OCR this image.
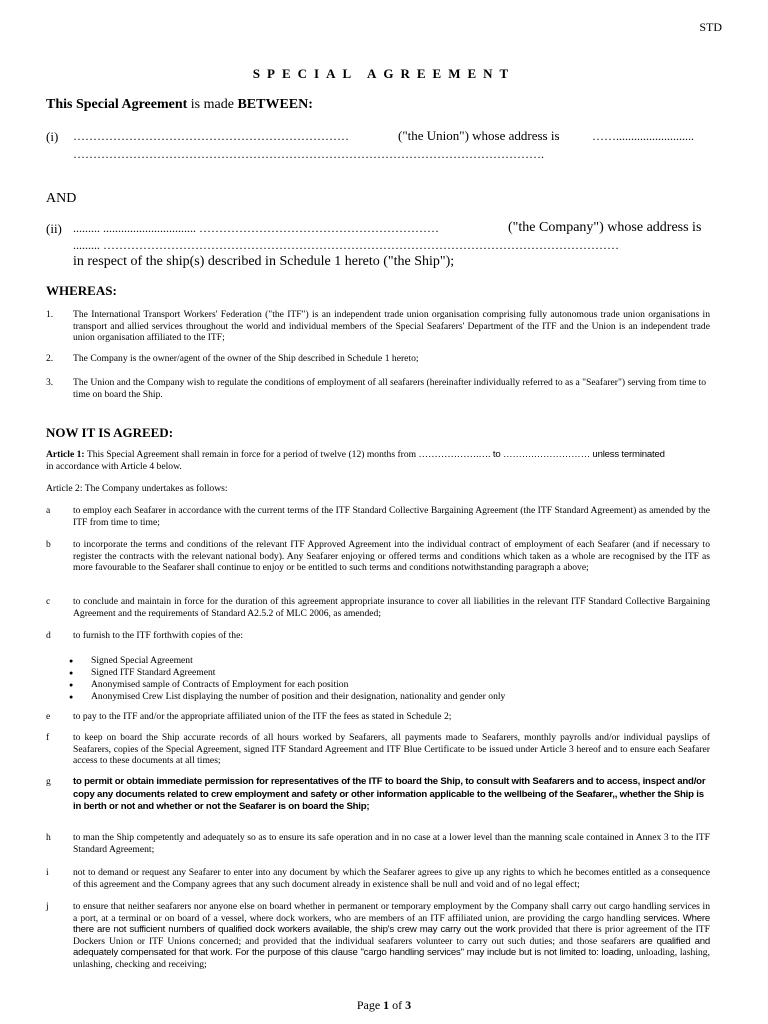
STD
SPECIAL AGREEMENT
This Special Agreement is made BETWEEN:
(i) ……………………………………………………………	("the Union") whose address is	……..........................
……………………………………………………………………………………………………….
AND
(ii) ......... ............................... ……………………………………………………	("the Company") whose address is
......... …………………………………………………………………………………………………………………
in respect of the ship(s) described in Schedule 1 hereto ("the Ship");
WHEREAS:
1. The International Transport Workers' Federation ("the ITF") is an independent trade union organisation comprising fully autonomous trade union organisations in transport and allied services throughout the world and individual members of the Special Seafarers' Department of the ITF and the Union is an independent trade union organisation affiliated to the ITF;
2. The Company is the owner/agent of the owner of the Ship described in Schedule 1 hereto;
3. The Union and the Company wish to regulate the conditions of employment of all seafarers (hereinafter individually referred to as a "Seafarer") serving from time to time on board the Ship.
NOW IT IS AGREED:
Article 1: This Special Agreement shall remain in force for a period of twelve (12) months from ……………….…. to ……….……………… unless terminated
in accordance with Article 4 below.
Article 2: The Company undertakes as follows:
a to employ each Seafarer in accordance with the current terms of the ITF Standard Collective Bargaining Agreement (the ITF Standard Agreement) as amended by the ITF from time to time;
b to incorporate the terms and conditions of the relevant ITF Approved Agreement into the individual contract of employment of each Seafarer (and if necessary to register the contracts with the relevant national body). Any Seafarer enjoying or offered terms and conditions which taken as a whole are recognised by the ITF as more favourable to the Seafarer shall continue to enjoy or be entitled to such terms and conditions notwithstanding paragraph a above;
c to conclude and maintain in force for the duration of this agreement appropriate insurance to cover all liabilities in the relevant ITF Standard Collective Bargaining Agreement and the requirements of Standard A2.5.2 of MLC 2006, as amended;
d to furnish to the ITF forthwith copies of the:
● Signed Special Agreement
● Signed ITF Standard Agreement
● Anonymised sample of Contracts of Employment for each position
● Anonymised Crew List displaying the number of position and their designation, nationality and gender only
e to pay to the ITF and/or the appropriate affiliated union of the ITF the fees as stated in Schedule 2;
f to keep on board the Ship accurate records of all hours worked by Seafarers, all payments made to Seafarers, monthly payrolls and/or individual payslips of Seafarers, copies of the Special Agreement, signed ITF Standard Agreement and ITF Blue Certificate to be issued under Article 3 hereof and to ensure each Seafarer access to these documents at all times;
g to permit or obtain immediate permission for representatives of the ITF to board the Ship, to consult with Seafarers and to access, inspect and/or copy any documents related to crew employment and safety or other information applicable to the wellbeing of the Seafarer,, whether the Ship is in berth or not and whether or not the Seafarer is on board the Ship;
h to man the Ship competently and adequately so as to ensure its safe operation and in no case at a lower level than the manning scale contained in Annex 3 to the ITF Standard Agreement;
i	not to demand or request any Seafarer to enter into any document by which the Seafarer agrees to give up any rights to which he becomes entitled as a consequence of this agreement and the Company agrees that any such document already in existence shall be null and void and of no legal effect;
j	to ensure that neither seafarers nor anyone else on board whether in permanent or temporary employment by the Company shall carry out cargo handling services in a port, at a terminal or on board of a vessel, where dock workers, who are members of an ITF affiliated union, are providing the cargo handling services. Where there are not sufficient numbers of qualified dock workers available, the ship's crew may carry out the work provided that there is prior agreement of the ITF Dockers Union or ITF Unions concerned; and provided that the individual seafarers volunteer to carry out such duties; and those seafarers are qualified and adequately compensated for that work. For the purpose of this clause "cargo handling services" may include but is not limited to: loading, unloading, lashing, unlashing, checking and receiving;
Page 1 of 3
